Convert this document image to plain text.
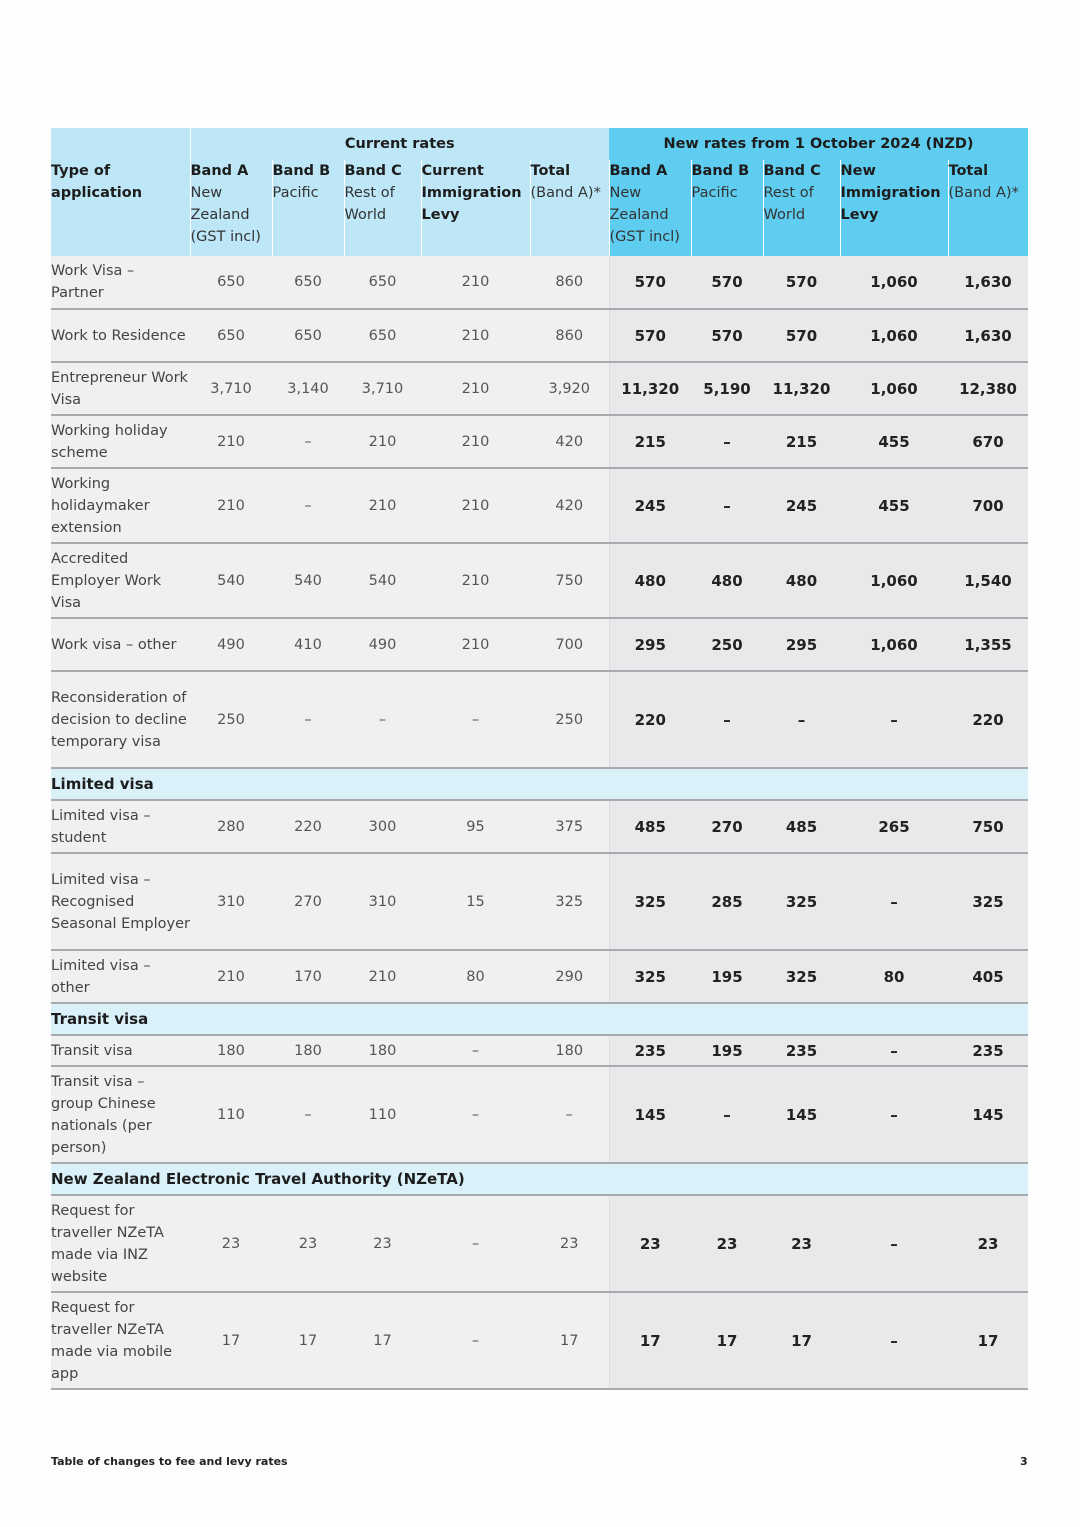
	Current rates					New rates from 1 October 2024 (NZD)				
Type of application	Band A New Zealand (GST incl)	Band B Pacific	Band C Rest of World	Current Immigration Levy	Total (Band A)*	Band A New Zealand (GST incl)	Band B Pacific	Band C Rest of World	New Immigration Levy	Total (Band A)*
Work Visa – Partner	650	650	650	210	860	570	570	570	1,060	1,630
Work to Residence	650	650	650	210	860	570	570	570	1,060	1,630
Entrepreneur Work Visa	3,710	3,140	3,710	210	3,920	11,320	5,190	11,320	1,060	12,380
Working holiday scheme	210	–	210	210	420	215	–	215	455	670
Working holidaymaker extension	210	–	210	210	420	245	–	245	455	700
Accredited Employer Work Visa	540	540	540	210	750	480	480	480	1,060	1,540
Work visa – other	490	410	490	210	700	295	250	295	1,060	1,355
Reconsideration of decision to decline temporary visa	250	–	–	–	250	220	–	–	–	220
Limited visa										
Limited visa – student	280	220	300	95	375	485	270	485	265	750
Limited visa – Recognised Seasonal Employer	310	270	310	15	325	325	285	325	–	325
Limited visa – other	210	170	210	80	290	325	195	325	80	405
Transit visa										
Transit visa	180	180	180	–	180	235	195	235	–	235
Transit visa – group Chinese nationals (per person)	110	–	110	–	–	145	–	145	–	145
New Zealand Electronic Travel Authority (NZeTA)										
Request for traveller NZeTA made via INZ website	23	23	23	–	23	23	23	23	–	23
Request for traveller NZeTA made via mobile app	17	17	17	–	17	17	17	17	–	17
Table of changes to fee and levy rates	3
